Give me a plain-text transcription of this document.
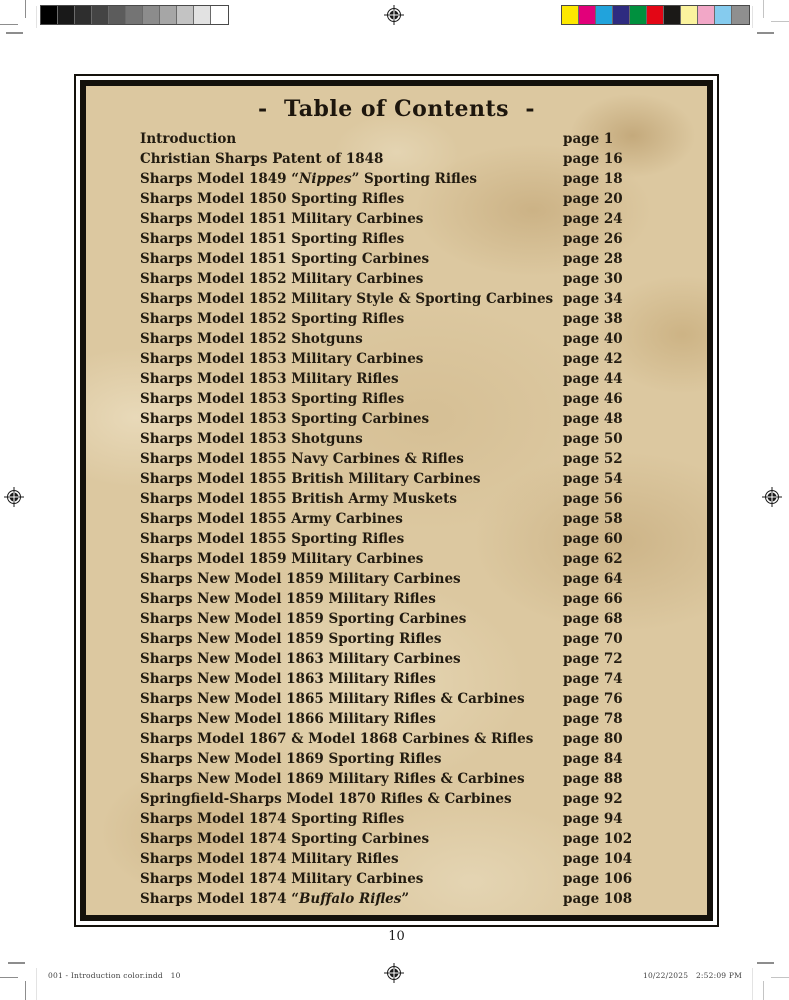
-  Table of Contents  -
Introduction	page 1
Christian Sharps Patent of 1848	page 16
Sharps Model 1849 “Nippes” Sporting Rifles	page 18
Sharps Model 1850 Sporting Rifles	page 20
Sharps Model 1851 Military Carbines	page 24
Sharps Model 1851 Sporting Rifles	page 26
Sharps Model 1851 Sporting Carbines	page 28
Sharps Model 1852 Military Carbines	page 30
Sharps Model 1852 Military Style & Sporting Carbines page 34
Sharps Model 1852 Sporting Rifles	page 38
Sharps Model 1852 Shotguns	page 40
Sharps Model 1853 Military Carbines	page 42
Sharps Model 1853 Military Rifles	page 44
Sharps Model 1853 Sporting Rifles	page 46
Sharps Model 1853 Sporting Carbines	page 48
Sharps Model 1853 Shotguns	page 50
Sharps Model 1855 Navy Carbines & Rifles	page 52
Sharps Model 1855 British Military Carbines	page 54
Sharps Model 1855 British Army Muskets	page 56
Sharps Model 1855 Army Carbines	page 58
Sharps Model 1855 Sporting Rifles	page 60
Sharps Model 1859 Military Carbines	page 62
Sharps New Model 1859 Military Carbines	page 64
Sharps New Model 1859 Military Rifles	page 66
Sharps New Model 1859 Sporting Carbines	page 68
Sharps New Model 1859 Sporting Rifles	page 70
Sharps New Model 1863 Military Carbines	page 72
Sharps New Model 1863 Military Rifles	page 74
Sharps New Model 1865 Military Rifles & Carbines	page 76
Sharps New Model 1866 Military Rifles	page 78
Sharps Model 1867 & Model 1868 Carbines & Rifles	page 80
Sharps New Model 1869 Sporting Rifles	page 84
Sharps New Model 1869 Military Rifles & Carbines	page 88
Springfield-Sharps Model 1870 Rifles & Carbines	page 92
Sharps Model 1874 Sporting Rifles	page 94
Sharps Model 1874 Sporting Carbines	page 102
Sharps Model 1874 Military Rifles	page 104
Sharps Model 1874 Military Carbines	page 106
Sharps Model 1874 “Buffalo Rifles”	page 108
10
001 - Introduction color.indd   10	10/22/2025   2:52:09 PM
